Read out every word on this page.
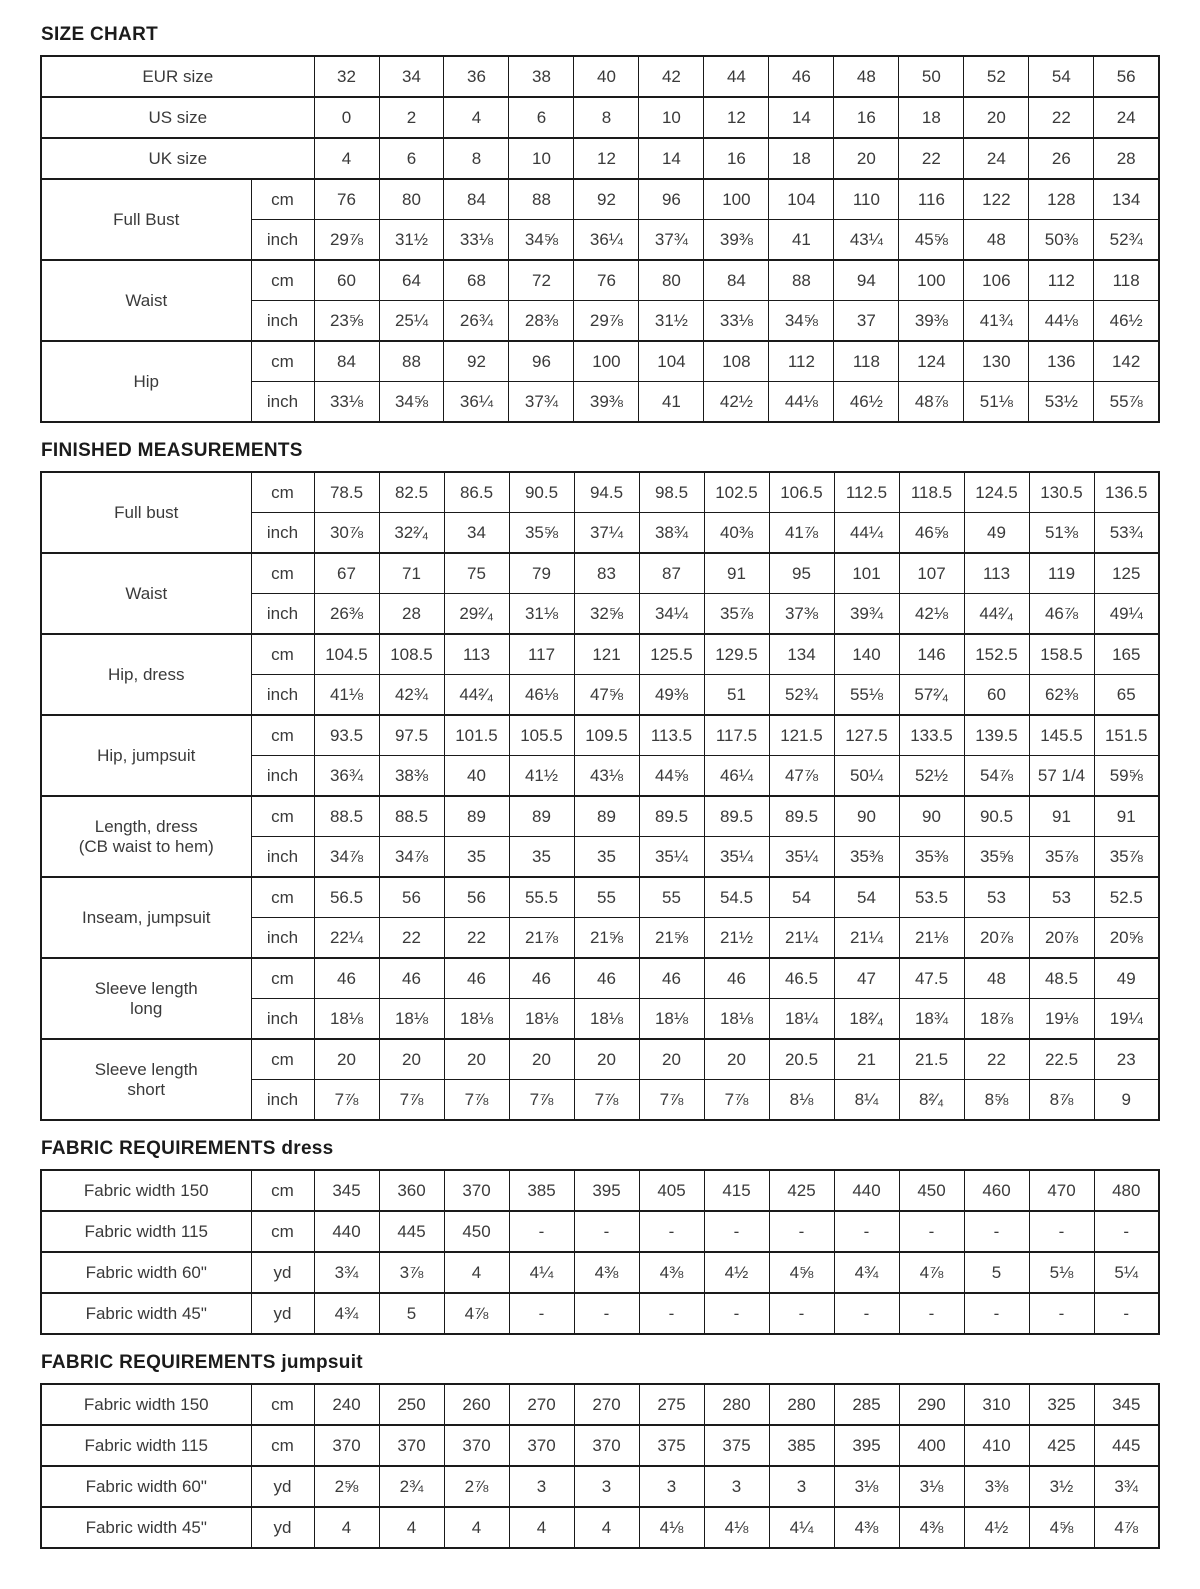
SIZE CHART
EUR size		32	34	36	38	40	42	44	46	48	50	52	54	56

US size		0	2	4	6	8	10	12	14	16	18	20	22	24

UK size		4	6	8	10	12	14	16	18	20	22	24	26	28

Full Bust	cm	76	80	84	88	92	96	100	104	110	116	122	128	134
	inch	29⅞	31½	33⅛	34⅝	36¼	37¾	39⅜	41	43¼	45⅝	48	50⅜	52¾

Waist	cm	60	64	68	72	76	80	84	88	94	100	106	112	118
	inch	23⅝	25¼	26¾	28⅜	29⅞	31½	33⅛	34⅝	37	39⅜	41¾	44⅛	46½

Hip	cm	84	88	92	96	100	104	108	112	118	124	130	136	142
	inch	33⅛	34⅝	36¼	37¾	39⅜	41	42½	44⅛	46½	48⅞	51⅛	53½	55⅞
FINISHED MEASUREMENTS
Full bust	cm	78.5	82.5	86.5	90.5	94.5	98.5	102.5	106.5	112.5	118.5	124.5	130.5	136.5
	inch	30⅞	32²⁄₄	34	35⅝	37¼	38¾	40⅜	41⅞	44¼	46⅝	49	51⅜	53¾

Waist	cm	67	71	75	79	83	87	91	95	101	107	113	119	125
	inch	26⅜	28	29²⁄₄	31⅛	32⅝	34¼	35⅞	37⅜	39¾	42⅛	44²⁄₄	46⅞	49¼

Hip, dress	cm	104.5	108.5	113	117	121	125.5	129.5	134	140	146	152.5	158.5	165
	inch	41⅛	42¾	44²⁄₄	46⅛	47⅝	49⅜	51	52¾	55⅛	57²⁄₄	60	62⅜	65

Hip, jumpsuit	cm	93.5	97.5	101.5	105.5	109.5	113.5	117.5	121.5	127.5	133.5	139.5	145.5	151.5
	inch	36¾	38⅜	40	41½	43⅛	44⅝	46¼	47⅞	50¼	52½	54⅞	57 1/4	59⅝

Length, dress
(CB waist to hem)	cm	88.5	88.5	89	89	89	89.5	89.5	89.5	90	90	90.5	91	91
	inch	34⅞	34⅞	35	35	35	35¼	35¼	35¼	35⅜	35⅜	35⅝	35⅞	35⅞

Inseam, jumpsuit	cm	56.5	56	56	55.5	55	55	54.5	54	54	53.5	53	53	52.5
	inch	22¼	22	22	21⅞	21⅝	21⅝	21½	21¼	21¼	21⅛	20⅞	20⅞	20⅝

Sleeve length
long	cm	46	46	46	46	46	46	46	46.5	47	47.5	48	48.5	49
	inch	18⅛	18⅛	18⅛	18⅛	18⅛	18⅛	18⅛	18¼	18²⁄₄	18¾	18⅞	19⅛	19¼

Sleeve length
short	cm	20	20	20	20	20	20	20	20.5	21	21.5	22	22.5	23
	inch	7⅞	7⅞	7⅞	7⅞	7⅞	7⅞	7⅞	8⅛	8¼	8²⁄₄	8⅝	8⅞	9
FABRIC REQUIREMENTS dress
Fabric width 150	cm	345	360	370	385	395	405	415	425	440	450	460	470	480

Fabric width 115	cm	440	445	450	-	-	-	-	-	-	-	-	-	-

Fabric width 60"	yd	3¾	3⅞	4	4¼	4⅜	4⅜	4½	4⅝	4¾	4⅞	5	5⅛	5¼

Fabric width 45"	yd	4¾	5	4⅞	-	-	-	-	-	-	-	-	-	-
FABRIC REQUIREMENTS jumpsuit
Fabric width 150	cm	240	250	260	270	270	275	280	280	285	290	310	325	345

Fabric width 115	cm	370	370	370	370	370	375	375	385	395	400	410	425	445

Fabric width 60"	yd	2⅝	2¾	2⅞	3	3	3	3	3	3⅛	3⅛	3⅜	3½	3¾

Fabric width 45"	yd	4	4	4	4	4	4⅛	4⅛	4¼	4⅜	4⅜	4½	4⅝	4⅞
